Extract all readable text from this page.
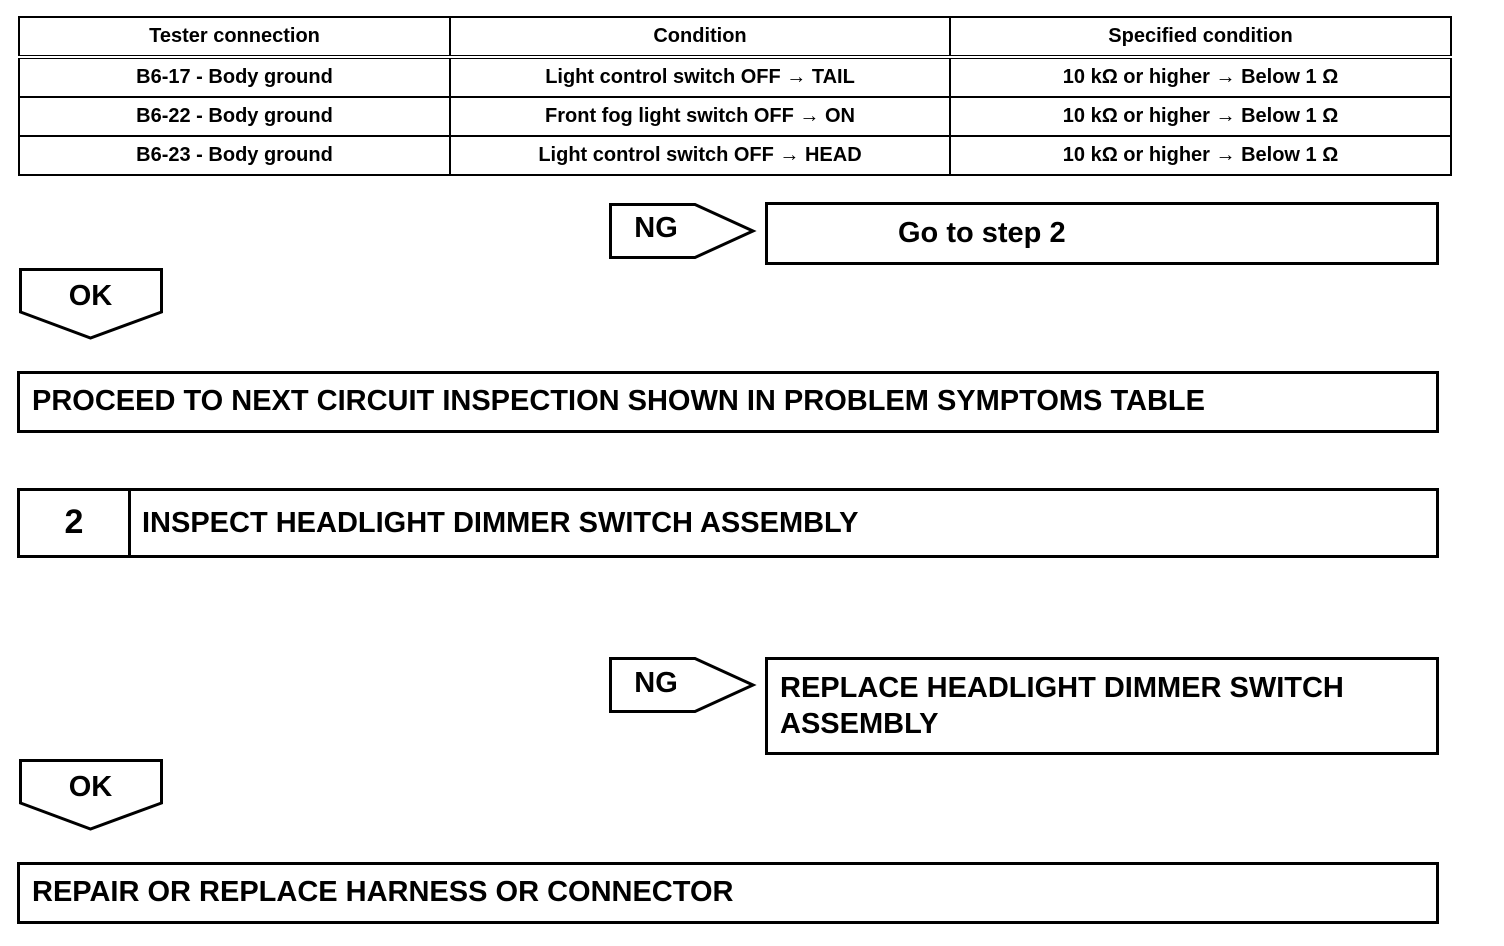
Tester connection	Condition	Specified condition
B6-17 - Body ground	Light control switch OFF → TAIL	10 kΩ or higher → Below 1 Ω
B6-22 - Body ground	Front fog light switch OFF → ON	10 kΩ or higher → Below 1 Ω
B6-23 - Body ground	Light control switch OFF → HEAD	10 kΩ or higher → Below 1 Ω
NG	Go to step 2
OK
PROCEED TO NEXT CIRCUIT INSPECTION SHOWN IN PROBLEM SYMPTOMS TABLE
2	INSPECT HEADLIGHT DIMMER SWITCH ASSEMBLY
NG	REPLACE HEADLIGHT DIMMER SWITCH
ASSEMBLY
OK
REPAIR OR REPLACE HARNESS OR CONNECTOR
